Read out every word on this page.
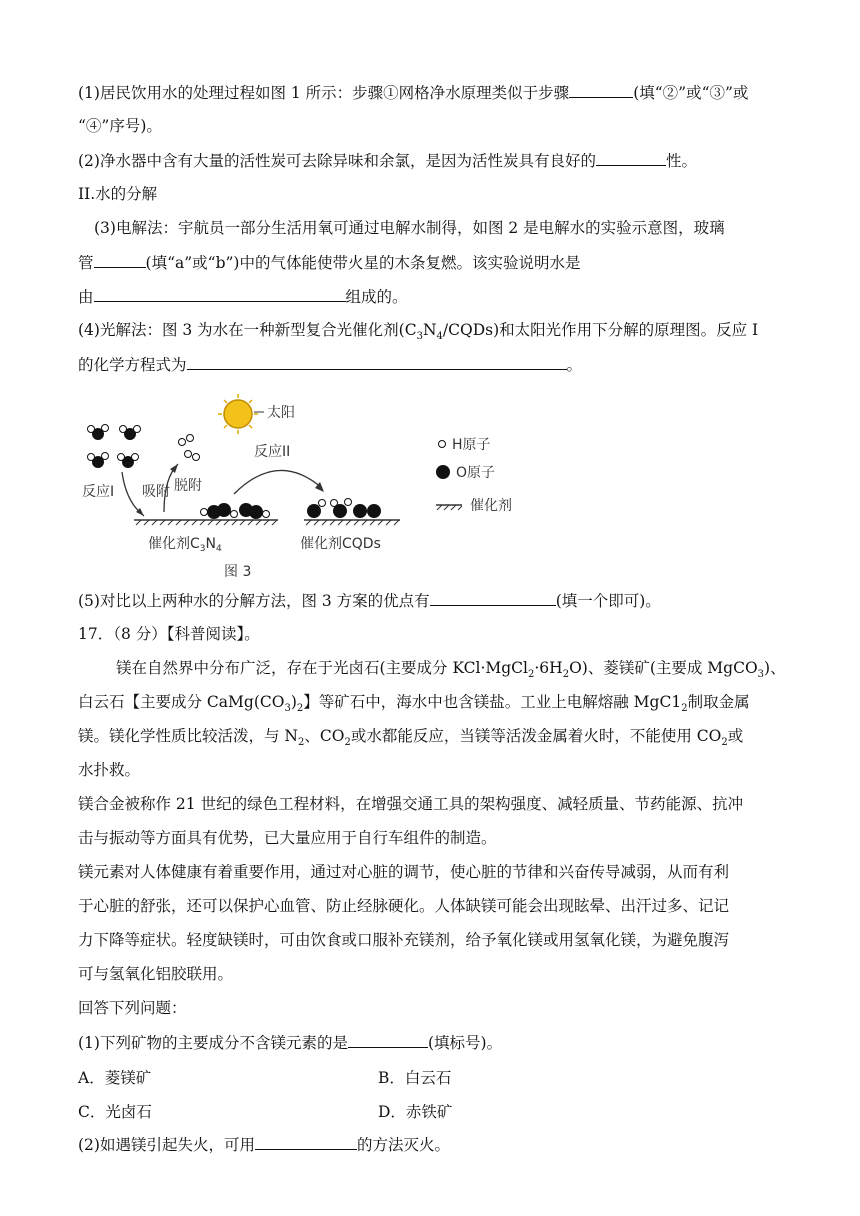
(1)居民饮用水的处理过程如图 1 所示：步骤①网格净水原理类似于步骤	(填“②”或“③”或
“④”序号)。
(2)净水器中含有大量的活性炭可去除异味和余氯，是因为活性炭具有良好的	性。
II.水的分解
(3)电解法：宇航员一部分生活用氧可通过电解水制得，如图 2 是电解水的实验示意图，玻璃
管	(填“a”或“b”)中的气体能使带火星的木条复燃。该实验说明水是
由	组成的。
(4)光解法：图 3 为水在一种新型复合光催化剂$(C_3N_4/CQDs)$和太阳光作用下分解的原理图。反应 I
的化学方程式为	。
太阳
反应I 吸附 脱附
催化剂$C_3N_4$
反应II
催化剂CQDs
H原子
O原子
催化剂
图 3
(5)对比以上两种水的分解方法，图 3 方案的优点有	(填一个即可)。
17．（8 分）【科普阅读】。
镁在自然界中分布广泛，存在于光卤石(主要成分 $KCl\cdot MgCl_2\cdot 6H_2O$)、菱镁矿(主要成 MgCO$_3$)、
白云石【主要成分 $CaMg(CO_3)_2$】等矿石中，海水中也含镁盐。工业上电解熔融 $MgC1_2$制取金属
镁。镁化学性质比较活泼，与 $N_2$、$CO_2$或水都能反应，当镁等活泼金属着火时，不能使用 $CO_2$或
水扑救。
镁合金被称作 21 世纪的绿色工程材料，在增强交通工具的架构强度、减轻质量、节药能源、抗冲
击与振动等方面具有优势，已大量应用于自行车组件的制造。
镁元素对人体健康有着重要作用，通过对心脏的调节，使心脏的节律和兴奋传导减弱，从而有利
于心脏的舒张，还可以保护心血管、防止经脉硬化。人体缺镁可能会出现眩晕、出汗过多、记记
力下降等症状。轻度缺镁时，可由饮食或口服补充镁剂，给予氧化镁或用氢氧化镁，为避免腹泻
可与氢氧化铝胶联用。
回答下列问题：
(1)下列矿物的主要成分不含镁元素的是	(填标号)。
A．菱镁矿	B．白云石
C．光卤石	D．赤铁矿
(2)如遇镁引起失火，可用	的方法灭火。
